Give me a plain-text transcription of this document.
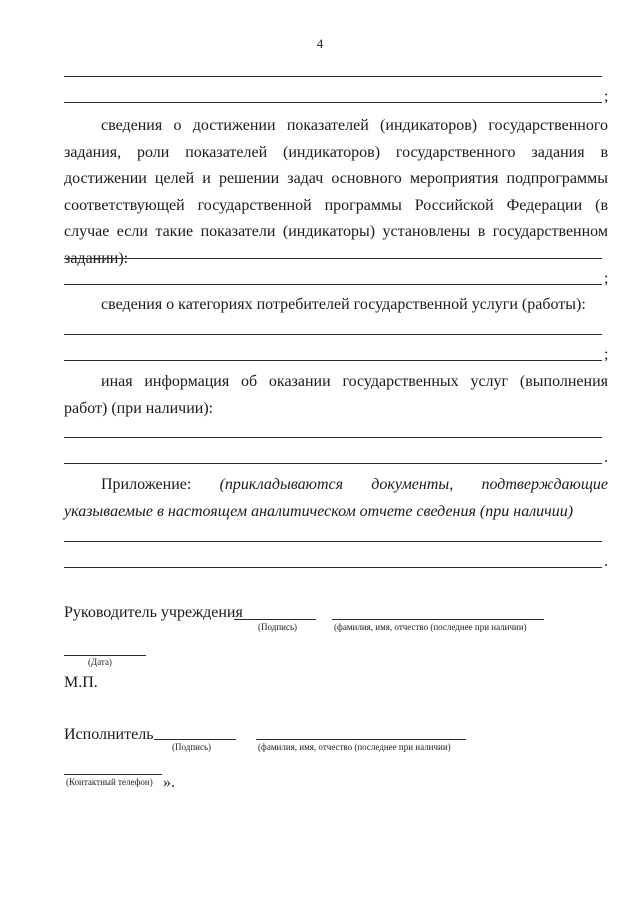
4
;

сведения о достижении показателей (индикаторов) государственного задания, роли показателей (индикаторов) государственного задания в достижении целей и решении задач основного мероприятия подпрограммы соответствующей государственной программы Российской Федерации (в случае если такие показатели (индикаторы) установлены в государственном задании):

;

сведения о категориях потребителей государственной услуги (работы):

;

иная информация об оказании государственных услуг (выполнения работ) (при наличии):

.

Приложение: (прикладываются документы, подтверждающие указываемые в настоящем аналитическом отчете сведения (при наличии)

.
Руководитель учреждения
(Подпись)	(фамилия, имя, отчество (последнее при наличии)
(Дата)
М.П.
Исполнитель
(Подпись)	(фамилия, имя, отчество (последнее при наличии)
(Контактный телефон) ».
